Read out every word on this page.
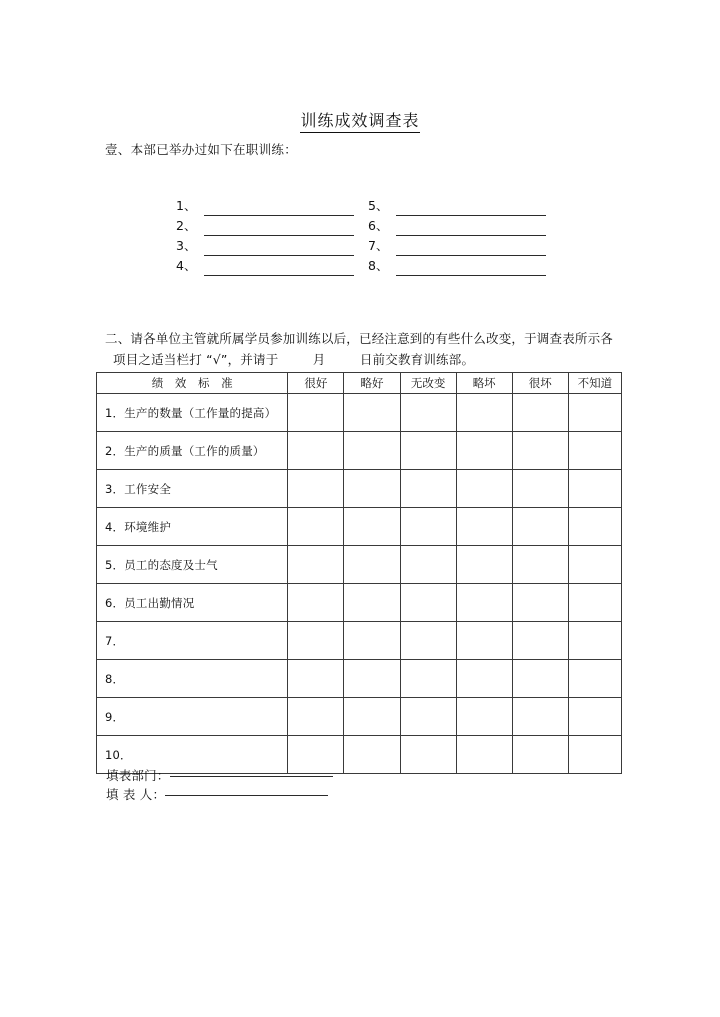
训练成效调查表
壹、本部已举办过如下在职训练：
1、
2、
3、
4、
5、
6、
7、
8、
二、请各单位主管就所属学员参加训练以后，已经注意到的有些什么改变，于调查表所示各
项目之适当栏打 “√”，并请于	月	日前交教育训练部。
绩 效 标 准	很好	略好	无改变	略坏	很坏	不知道
1．生产的数量（工作量的提高）						
2．生产的质量（工作的质量）						
3．工作安全						
4．环境维护						
5．员工的态度及士气						
6．员工出勤情况						
7．						
8．						
9．						
10．						
填表部门：
填 表 人：
